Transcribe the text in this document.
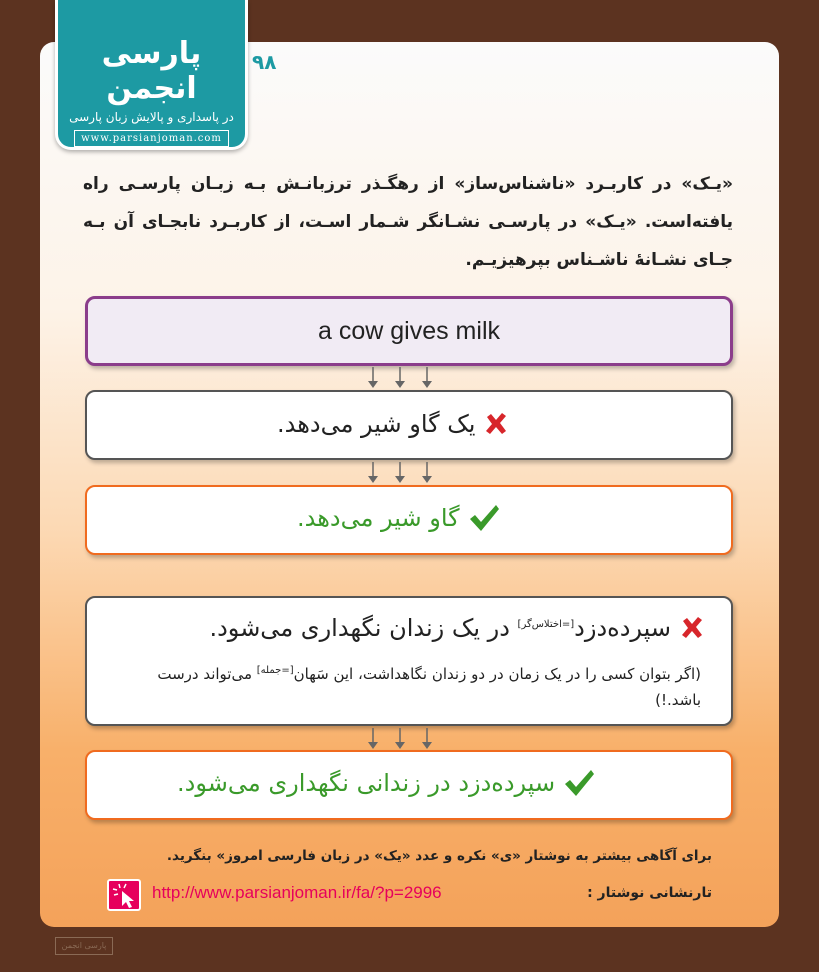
پارسی انجمن
در پاسداری و پالایش زبان پارسی
www.parsianjoman.com
۹۸
«یـک» در کاربـرد «ناشناس‌ساز» از رهگـذر ترزبانـش بـه زبـان پارسـی راه یافته‌است. «یـک» در پارسـی نشـانگر شـمار اسـت، از کاربـرد نابجـای آن بـه جـای نشـانهٔ ناشـناس بپرهیزیـم.
a cow gives milk
یک گاو شیر می‌دهد.
گاو شیر می‌دهد.
سپرده‌دزد[=اختلاس‌گر] در یک زندان نگهداری می‌شود.
(اگر بتوان کسی را در یک زمان در دو زندان نگاهداشت، این سَهان[=جمله] می‌تواند درست باشد.!)
سپرده‌دزد در زندانی نگهداری می‌شود.
برای آگاهی بیشتر به نوشتار «ی» نکره و عدد «یک» در زبان فارسی امروز» بنگرید.
تارنشانی نوشتار :
http://www.parsianjoman.ir/fa/?p=2996
پارسی انجمن
